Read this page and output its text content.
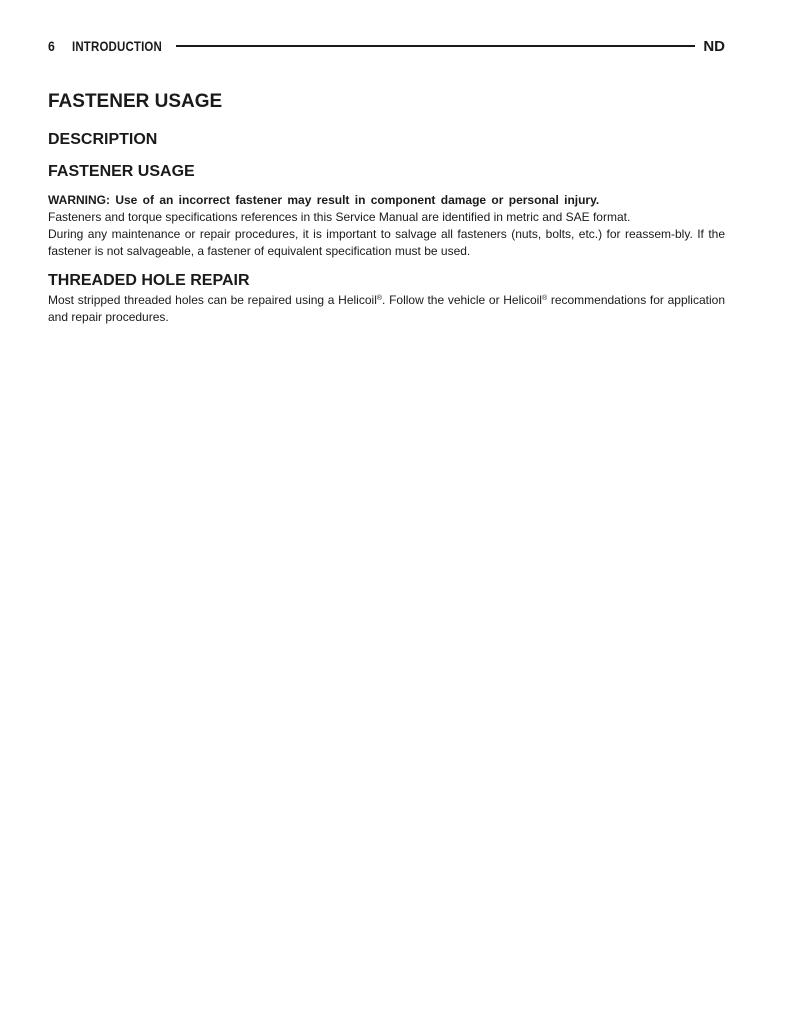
6 INTRODUCTION	ND
FASTENER USAGE
DESCRIPTION
FASTENER USAGE

WARNING: Use of an incorrect fastener may result in component damage or personal injury.

Fasteners and torque specifications references in this Service Manual are identified in metric and SAE format.

During any maintenance or repair procedures, it is important to salvage all fasteners (nuts, bolts, etc.) for reassem-bly. If the fastener is not salvageable, a fastener of equivalent specification must be used.

THREADED HOLE REPAIR

Most stripped threaded holes can be repaired using a Helicoil®. Follow the vehicle or Helicoil® recommendations for application and repair procedures.
